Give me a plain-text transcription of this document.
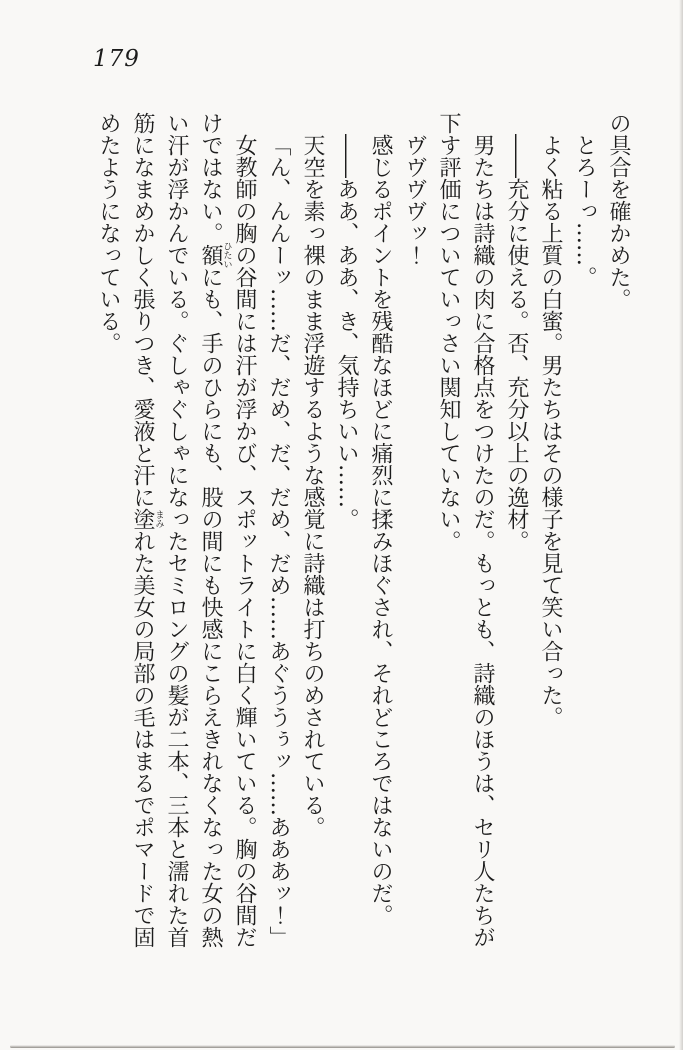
179

の具合を確かめた。

とろーっ……。

よく粘る上質の白蜜。男たちはその様子を見て笑い合った。

――充分に使える。否、充分以上の逸材。

男たちは詩織の肉に合格点をつけたのだ。もっとも、詩織のほうは、セリ人たちが下す評価についていっさい関知していない。

ヴヴヴヴッ！

感じるポイントを残酷なほどに痛烈に揉みほぐされ、それどころではないのだ。

――ああ、ああ、き、気持ちいい……。

天空を素っ裸のまま浮遊するような感覚に詩織は打ちのめされている。

「ん、んんーッ……だ、だめ、だ、だめ、だめ……あぐううぅッ……あああッ！」

女教師の胸の谷間には汗が浮かび、スポットライトに白く輝いている。胸の谷間だけではない。額ひたいにも、手のひらにも、股の間にも快感にこらえきれなくなった女の熱い汗が浮かんでいる。ぐしゃぐしゃになったセミロングの髪が二本、三本と濡れた首筋になまめかしく張りつき、愛液と汗に塗まみれた美女の局部の毛はまるでポマードで固めたようになっている。
